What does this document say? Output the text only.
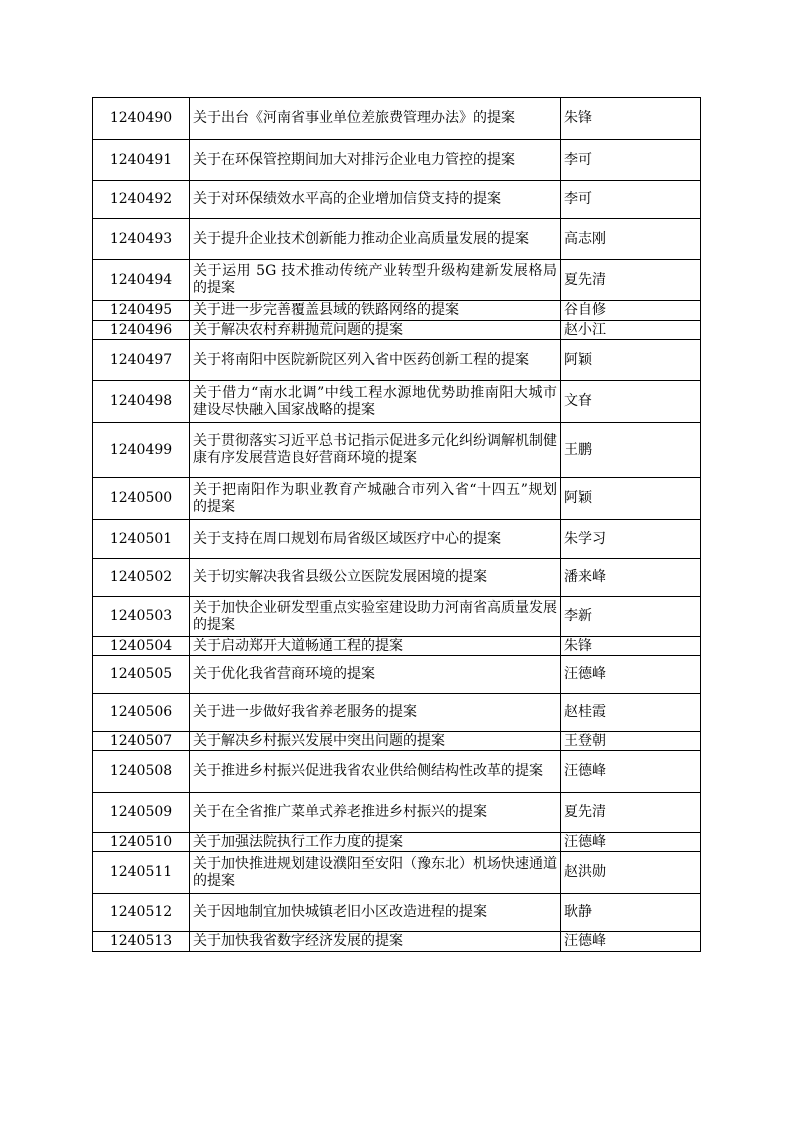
1240490	关于出台《河南省事业单位差旅费管理办法》的提案	朱锋
1240491	关于在环保管控期间加大对排污企业电力管控的提案	李可
1240492	关于对环保绩效水平高的企业增加信贷支持的提案	李可
1240493	关于提升企业技术创新能力推动企业高质量发展的提案	高志刚
1240494	关于运用 5G 技术推动传统产业转型升级构建新发展格局的提案	夏先清
1240495	关于进一步完善覆盖县域的铁路网络的提案	谷自修
1240496	关于解决农村弃耕抛荒问题的提案	赵小江
1240497	关于将南阳中医院新院区列入省中医药创新工程的提案	阿颖
1240498	关于借力“南水北调”中线工程水源地优势助推南阳大城市建设尽快融入国家战略的提案	文眘
1240499	关于贯彻落实习近平总书记指示促进多元化纠纷调解机制健康有序发展营造良好营商环境的提案	王鹏
1240500	关于把南阳作为职业教育产城融合市列入省“十四五”规划的提案	阿颖
1240501	关于支持在周口规划布局省级区域医疗中心的提案	朱学习
1240502	关于切实解决我省县级公立医院发展困境的提案	潘来峰
1240503	关于加快企业研发型重点实验室建设助力河南省高质量发展的提案	李新
1240504	关于启动郑开大道畅通工程的提案	朱锋
1240505	关于优化我省营商环境的提案	汪德峰
1240506	关于进一步做好我省养老服务的提案	赵桂霞
1240507	关于解决乡村振兴发展中突出问题的提案	王登朝
1240508	关于推进乡村振兴促进我省农业供给侧结构性改革的提案	汪德峰
1240509	关于在全省推广菜单式养老推进乡村振兴的提案	夏先清
1240510	关于加强法院执行工作力度的提案	汪德峰
1240511	关于加快推进规划建设濮阳至安阳（豫东北）机场快速通道的提案	赵洪勋
1240512	关于因地制宜加快城镇老旧小区改造进程的提案	耿静
1240513	关于加快我省数字经济发展的提案	汪德峰
